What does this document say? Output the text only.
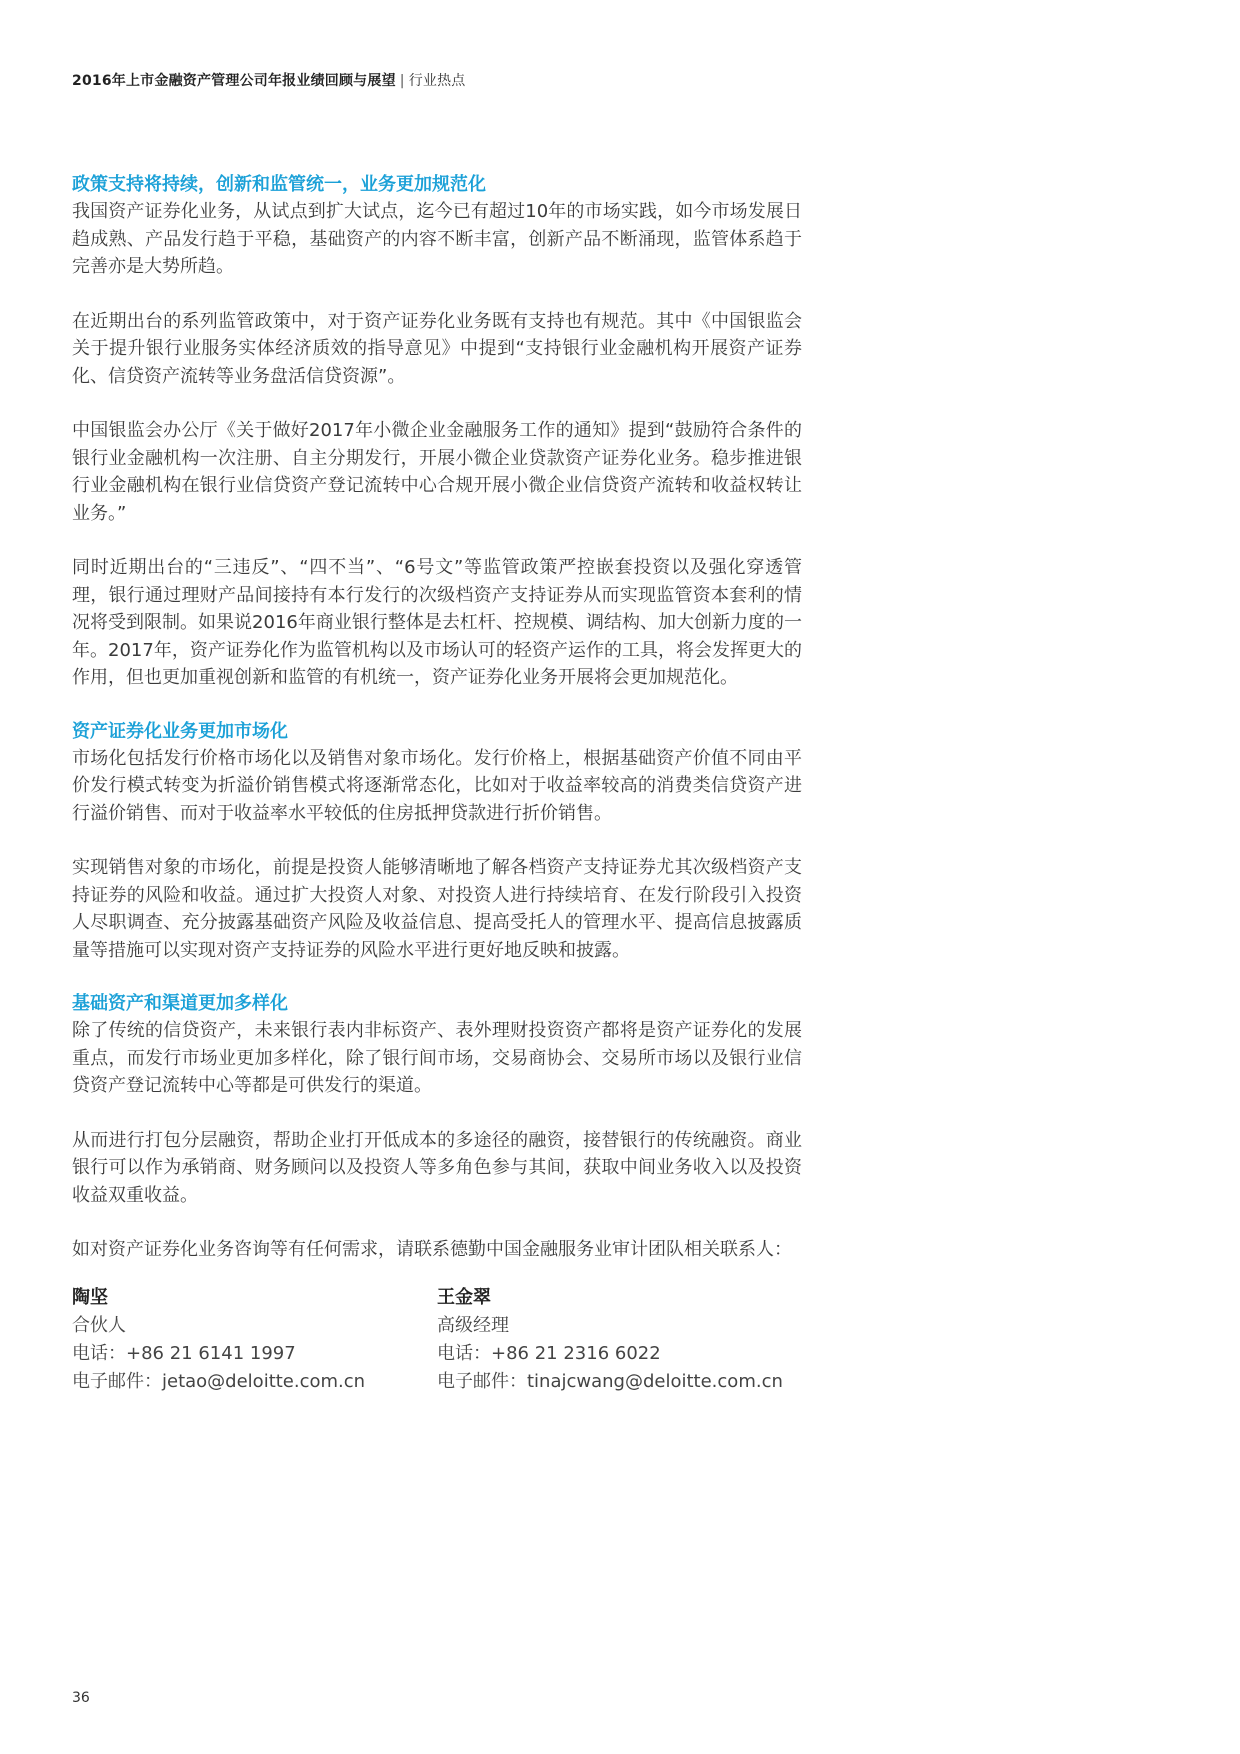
2016年上市金融资产管理公司年报业绩回顾与展望 | 行业热点
政策支持将持续，创新和监管统一，业务更加规范化

我国资产证券化业务，从试点到扩大试点，迄今已有超过10年的市场实践，如今市场发展日趋成熟、产品发行趋于平稳，基础资产的内容不断丰富，创新产品不断涌现，监管体系趋于完善亦是大势所趋。

在近期出台的系列监管政策中，对于资产证券化业务既有支持也有规范。其中《中国银监会关于提升银行业服务实体经济质效的指导意见》中提到“支持银行业金融机构开展资产证券化、信贷资产流转等业务盘活信贷资源”。

中国银监会办公厅《关于做好2017年小微企业金融服务工作的通知》提到“鼓励符合条件的银行业金融机构一次注册、自主分期发行，开展小微企业贷款资产证券化业务。稳步推进银行业金融机构在银行业信贷资产登记流转中心合规开展小微企业信贷资产流转和收益权转让业务。”

同时近期出台的“三违反”、“四不当”、“6号文”等监管政策严控嵌套投资以及强化穿透管理，银行通过理财产品间接持有本行发行的次级档资产支持证券从而实现监管资本套利的情况将受到限制。如果说2016年商业银行整体是去杠杆、控规模、调结构、加大创新力度的一年。2017年，资产证券化作为监管机构以及市场认可的轻资产运作的工具，将会发挥更大的作用，但也更加重视创新和监管的有机统一，资产证券化业务开展将会更加规范化。

资产证券化业务更加市场化

市场化包括发行价格市场化以及销售对象市场化。发行价格上，根据基础资产价值不同由平价发行模式转变为折溢价销售模式将逐渐常态化，比如对于收益率较高的消费类信贷资产进行溢价销售、而对于收益率水平较低的住房抵押贷款进行折价销售。

实现销售对象的市场化，前提是投资人能够清晰地了解各档资产支持证券尤其次级档资产支持证券的风险和收益。通过扩大投资人对象、对投资人进行持续培育、在发行阶段引入投资人尽职调查、充分披露基础资产风险及收益信息、提高受托人的管理水平、提高信息披露质量等措施可以实现对资产支持证券的风险水平进行更好地反映和披露。

基础资产和渠道更加多样化

除了传统的信贷资产，未来银行表内非标资产、表外理财投资资产都将是资产证券化的发展重点，而发行市场业更加多样化，除了银行间市场，交易商协会、交易所市场以及银行业信贷资产登记流转中心等都是可供发行的渠道。

从而进行打包分层融资，帮助企业打开低成本的多途径的融资，接替银行的传统融资。商业银行可以作为承销商、财务顾问以及投资人等多角色参与其间，获取中间业务收入以及投资收益双重收益。

如对资产证券化业务咨询等有任何需求，请联系德勤中国金融服务业审计团队相关联系人：

陶坚
合伙人
电话：+86 21 6141 1997
电子邮件：jetao@deloitte.com.cn
王金翠
高级经理
电话：+86 21 2316 6022
电子邮件：tinajcwang@deloitte.com.cn
36
